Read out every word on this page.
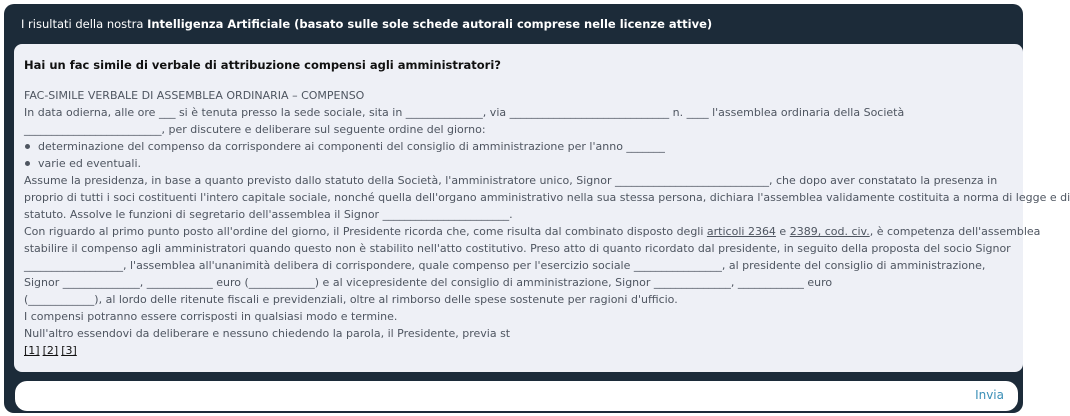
I risultati della nostra Intelligenza Artificiale (basato sulle sole schede autorali comprese nelle licenze attive)
Hai un fac simile di verbale di attribuzione compensi agli amministratori?
FAC-SIMILE VERBALE DI ASSEMBLEA ORDINARIA – COMPENSO
In data odierna, alle ore ___ si è tenuta presso la sede sociale, sita in ______________, via _____________________________ n. ____ l'assemblea ordinaria della Società
_________________________, per discutere e deliberare sul seguente ordine del giorno:
determinazione del compenso da corrispondere ai componenti del consiglio di amministrazione per l'anno _______
varie ed eventuali.
Assume la presidenza, in base a quanto previsto dallo statuto della Società, l'amministratore unico, Signor ____________________________, che dopo aver constatato la presenza in
proprio di tutti i soci costituenti l'intero capitale sociale, nonché quella dell'organo amministrativo nella sua stessa persona, dichiara l'assemblea validamente costituita a norma di legge e di
statuto. Assolve le funzioni di segretario dell'assemblea il Signor _______________________.
Con riguardo al primo punto posto all'ordine del giorno, il Presidente ricorda che, come risulta dal combinato disposto degli articoli 2364 e 2389, cod. civ., è competenza dell'assemblea
stabilire il compenso agli amministratori quando questo non è stabilito nell'atto costitutivo. Preso atto di quanto ricordato dal presidente, in seguito della proposta del socio Signor
__________________, l'assemblea all'unanimità delibera di corrispondere, quale compenso per l'esercizio sociale ________________, al presidente del consiglio di amministrazione,
Signor ______________, ____________ euro (____________) e al vicepresidente del consiglio di amministrazione, Signor ______________, ____________ euro
(____________), al lordo delle ritenute fiscali e previdenziali, oltre al rimborso delle spese sostenute per ragioni d'ufficio.
I compensi potranno essere corrisposti in qualsiasi modo e termine.
Null'altro essendovi da deliberare e nessuno chiedendo la parola, il Presidente, previa st
[1] [2] [3]
Invia
